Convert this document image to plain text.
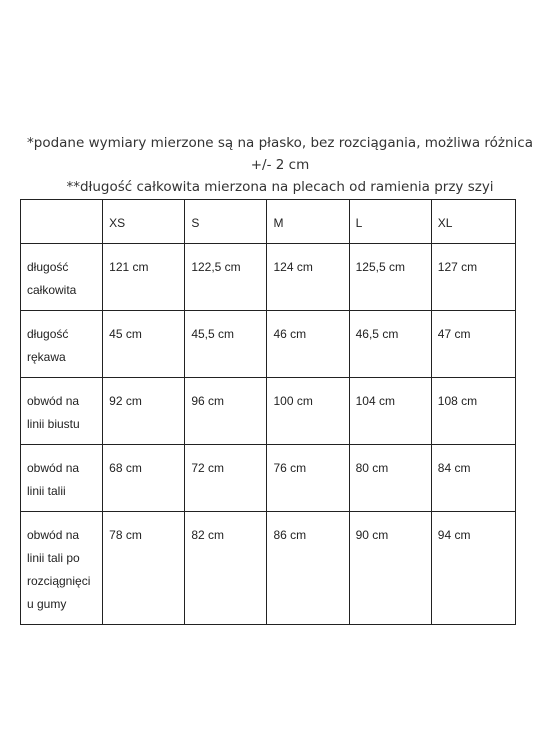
*podane wymiary mierzone są na płasko, bez rozciągania, możliwa różnica +/- 2 cm

**długość całkowita mierzona na plecach od ramienia przy szyi

	XS	S	M	L	XL
długość całkowita	121 cm	122,5 cm	124 cm	125,5 cm	127 cm
długość rękawa	45 cm	45,5 cm	46 cm	46,5 cm	47 cm
obwód na linii biustu	92 cm	96 cm	100 cm	104 cm	108 cm
obwód na linii talii	68 cm	72 cm	76 cm	80 cm	84 cm
obwód na linii tali po rozciągnięciu gumy	78 cm	82 cm	86 cm	90 cm	94 cm
